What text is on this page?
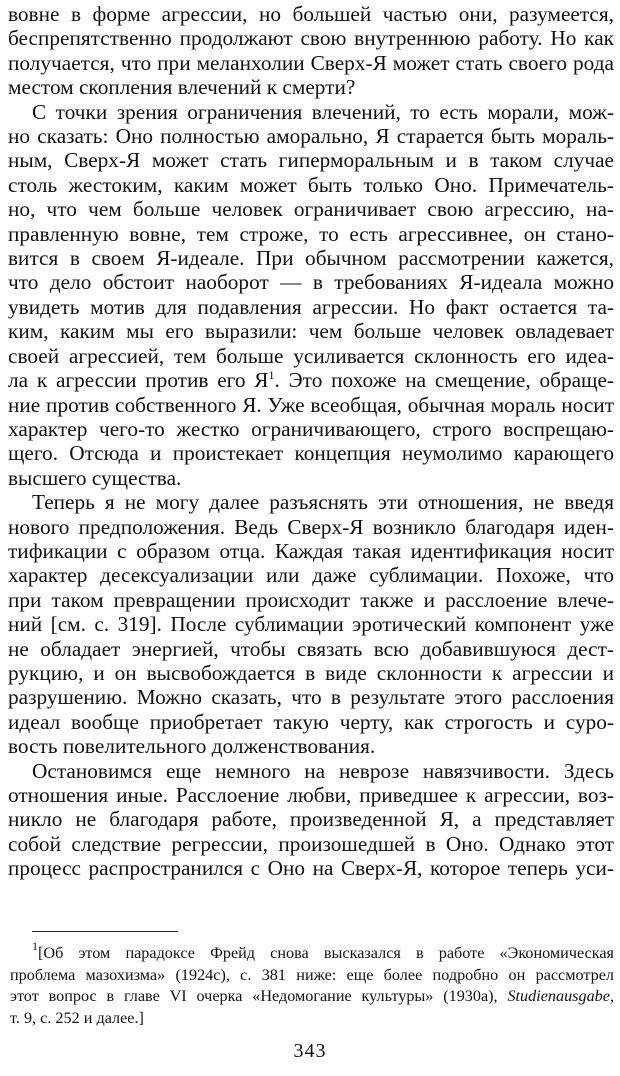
вовне в форме агрессии, но большей частью они, разумеется,
беспрепятственно продолжают свою внутреннюю работу. Но как
получается, что при меланхолии Сверх-Я может стать своего рода
местом скопления влечений к смерти?

С точки зрения ограничения влечений, то есть морали, мож-
но сказать: Оно полностью аморально, Я старается быть мораль-
ным, Сверх-Я может стать гиперморальным и в таком случае
столь жестоким, каким может быть только Оно. Примечатель-
но, что чем больше человек ограничивает свою агрессию, на-
правленную вовне, тем строже, то есть агрессивнее, он стано-
вится в своем Я-идеале. При обычном рассмотрении кажется,
что дело обстоит наоборот — в требованиях Я-идеала можно
увидеть мотив для подавления агрессии. Но факт остается та-
ким, каким мы его выразили: чем больше человек овладевает
своей агрессией, тем больше усиливается склонность его идеа-
ла к агрессии против его $Я^1$. Это похоже на смещение, обраще-
ние против собственного Я. Уже всеобщая, обычная мораль носит
характер чего-то жестко ограничивающего, строго воспрещаю-
щего. Отсюда и проистекает концепция неумолимо карающего
высшего существа.

Теперь я не могу далее разъяснять эти отношения, не введя
нового предположения. Ведь Сверх-Я возникло благодаря иден-
тификации с образом отца. Каждая такая идентификация носит
характер десексуализации или даже сублимации. Похоже, что
при таком превращении происходит также и расслоение влече-
ний [см. с. 319]. После сублимации эротический компонент уже
не обладает энергией, чтобы связать всю добавившуюся дест-
рукцию, и он высвобождается в виде склонности к агрессии и
разрушению. Можно сказать, что в результате этого расслоения
идеал вообще приобретает такую черту, как строгость и суро-
вость повелительного долженствования.

Остановимся еще немного на неврозе навязчивости. Здесь
отношения иные. Расслоение любви, приведшее к агрессии, воз-
никло не благодаря работе, произведенной Я, а представляет
собой следствие регрессии, произошедшей в Оно. Однако этот
процесс распространился с Оно на Сверх-Я, которое теперь уси-

$^1$[Об этом парадоксе Фрейд снова высказался в работе «Экономическая
проблема мазохизма» (1924с), с. 381 ниже: еще более подробно он рассмотрел
этот вопрос в главе VI очерка «Недомогание культуры» (1930а), Studienausgabe,
т. 9, с. 252 и далее.]
343
